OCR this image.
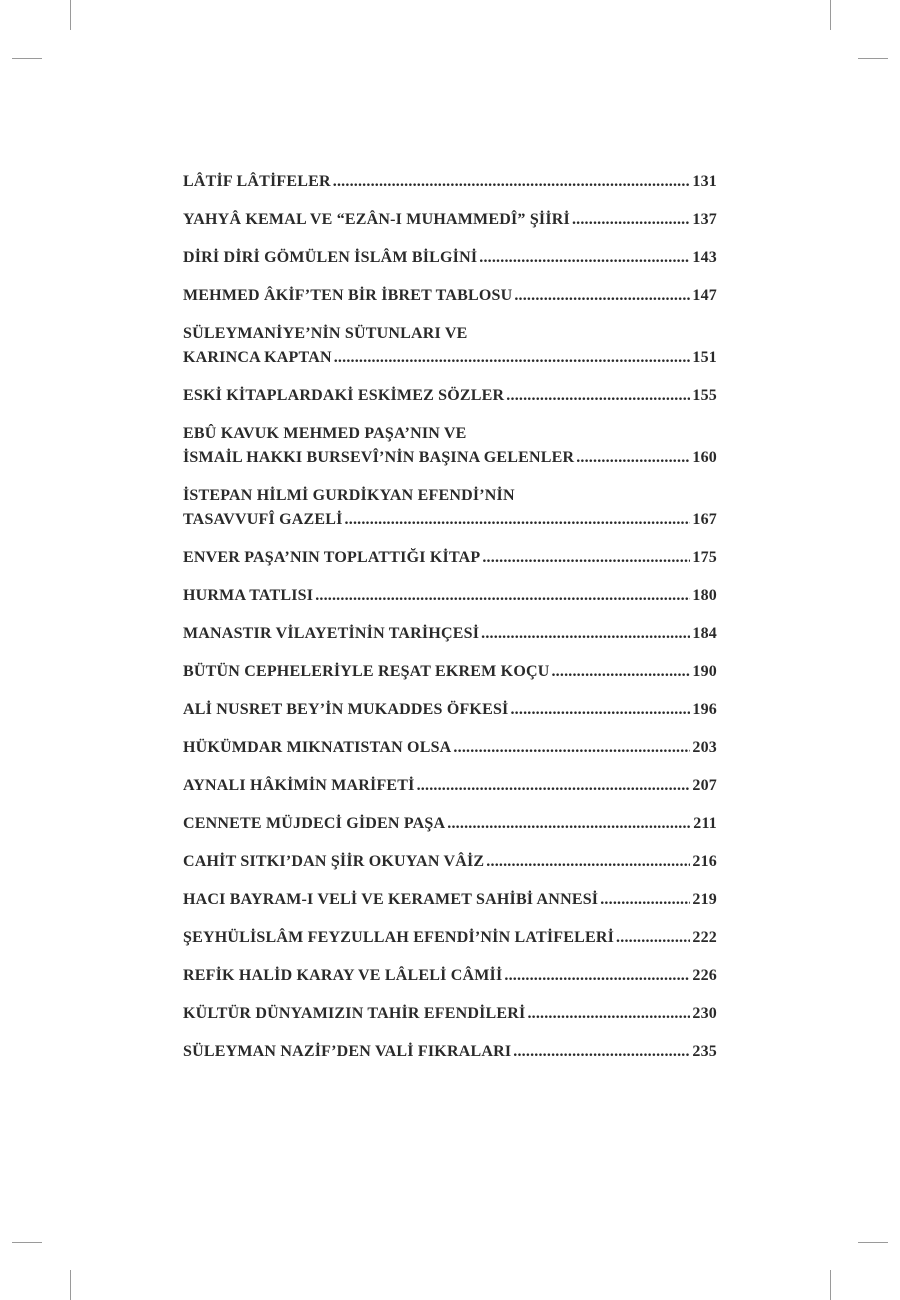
LÂTİF LÂTİFELER .....	131
YAHYÂ KEMAL VE “EZÂN-I MUHAMMEDÎ” ŞİİRİ .....	137
DİRİ DİRİ GÖMÜLEN İSLÂM BİLGİNİ .....	143
MEHMED ÂKİF’TEN BİR İBRET TABLOSU .....	147
SÜLEYMANİYE’NİN SÜTUNLARI VE
KARINCA KAPTAN .....	151
ESKİ KİTAPLARDAKİ ESKİMEZ SÖZLER .....	155
EBÛ KAVUK MEHMED PAŞA’NIN VE
İSMAİL HAKKI BURSEVÎ’NİN BAŞINA GELENLER .....	160
İSTEPAN HİLMİ GURDİKYAN EFENDİ’NİN
TASAVVUFÎ GAZELİ .....	167
ENVER PAŞA’NIN TOPLATTIĞI KİTAP .....	175
HURMA TATLISI .....	180
MANASTIR VİLAYETİNİN TARİHÇESİ .....	184
BÜTÜN CEPHELERİYLE REŞAT EKREM KOÇU .....	190
ALİ NUSRET BEY’İN MUKADDES ÖFKESİ .....	196
HÜKÜMDAR MIKNATISTAN OLSA .....	203
AYNALI HÂKİMİN MARİFETİ .....	207
CENNETE MÜJDECİ GİDEN PAŞA .....	211
CAHİT SITKI’DAN ŞİİR OKUYAN VÂİZ .....	216
HACI BAYRAM-I VELİ VE KERAMET SAHİBİ ANNESİ .....	219
ŞEYHÜLİSLÂM FEYZULLAH EFENDİ’NİN LATİFELERİ .....	222
REFİK HALİD KARAY VE LÂLELİ CÂMİİ .....	226
KÜLTÜR DÜNYAMIZIN TAHİR EFENDİLERİ .....	230
SÜLEYMAN NAZİF’DEN VALİ FIKRALARI .....	235
